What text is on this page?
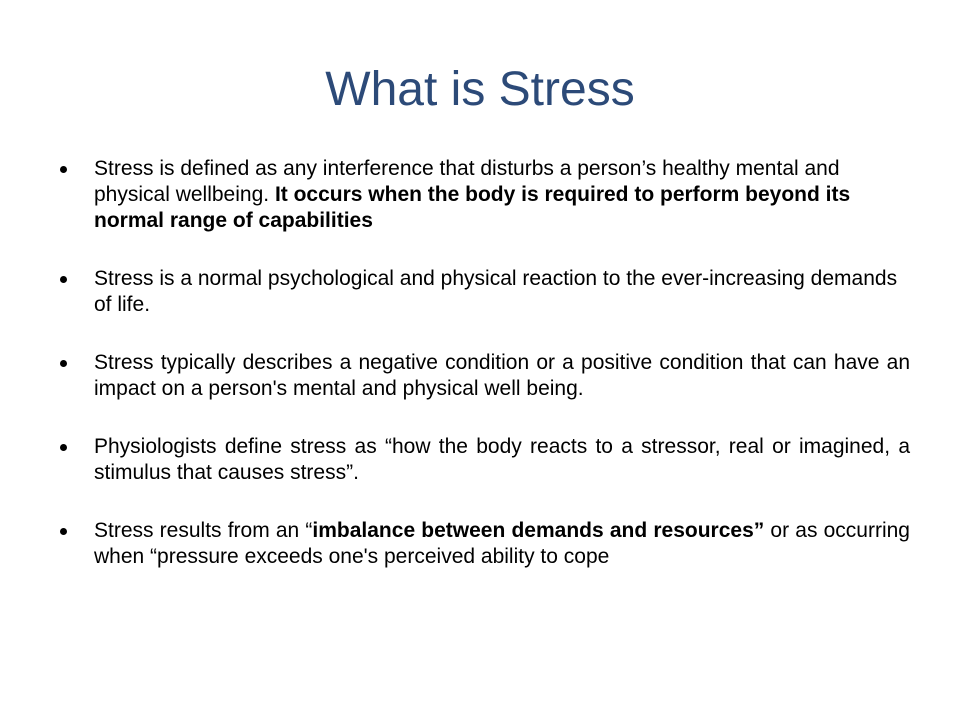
What is Stress
Stress is defined as any interference that disturbs a person’s healthy mental and physical wellbeing. It occurs when the body is required to perform beyond its normal range of capabilities
Stress is a normal psychological and physical reaction to the ever-increasing demands of life.
Stress typically describes a negative condition or a positive condition that can have an impact on a person's mental and physical well being.
Physiologists define stress as “how the body reacts to a stressor, real or imagined, a stimulus that causes stress”.
Stress results from an “imbalance between demands and resources” or as occurring when “pressure exceeds one's perceived ability to cope
